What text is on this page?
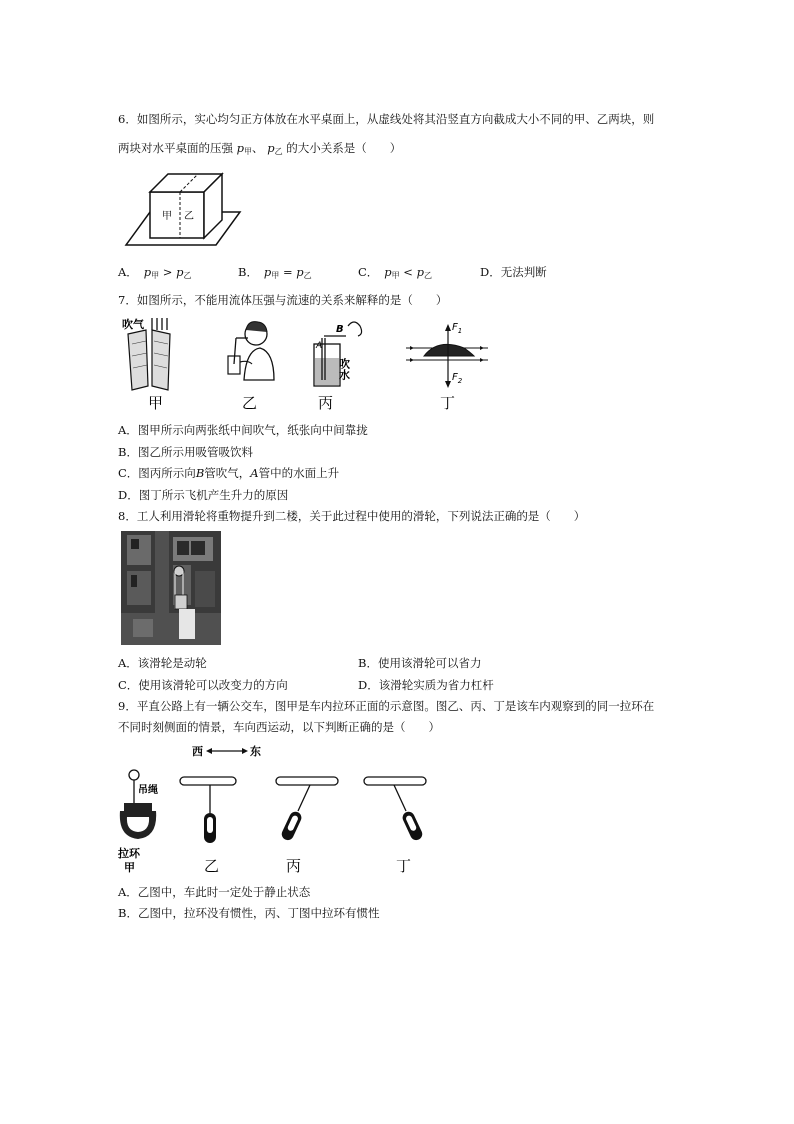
6．如图所示，实心均匀正方体放在水平桌面上，从虚线处将其沿竖直方向截成大小不同的甲、乙两块，则
两块对水平桌面的压强 $p_甲$、 $p_乙$ 的大小关系是（　　）
甲 乙
A．   $p_甲 > p_乙$	B．   $p_甲 = p_乙$	C．   $p_甲 < p_乙$	D．无法判断
7．如图所示，不能用流体压强与流速的关系来解释的是（　　）
吹气
甲	乙
A
B
吹水
丙
$F_1$
$F_2$
丁
A．图甲所示向两张纸中间吹气，纸张向中间靠拢
B．图乙所示用吸管吸饮料
C．图丙所示向B管吹气，A管中的水面上升
D．图丁所示飞机产生升力的原因
8．工人利用滑轮将重物提升到二楼，关于此过程中使用的滑轮，下列说法正确的是（　　）
A．该滑轮是动轮	B．使用该滑轮可以省力
C．使用该滑轮可以改变力的方向	D．该滑轮实质为省力杠杆
9．平直公路上有一辆公交车，图甲是车内拉环正面的示意图。图乙、丙、丁是该车内观察到的同一拉环在
不同时刻侧面的情景，车向西运动，以下判断正确的是（　　）
西	东
吊绳
拉环
甲	乙	丙	丁
A．乙图中，车此时一定处于静止状态
B．乙图中，拉环没有惯性，丙、丁图中拉环有惯性
